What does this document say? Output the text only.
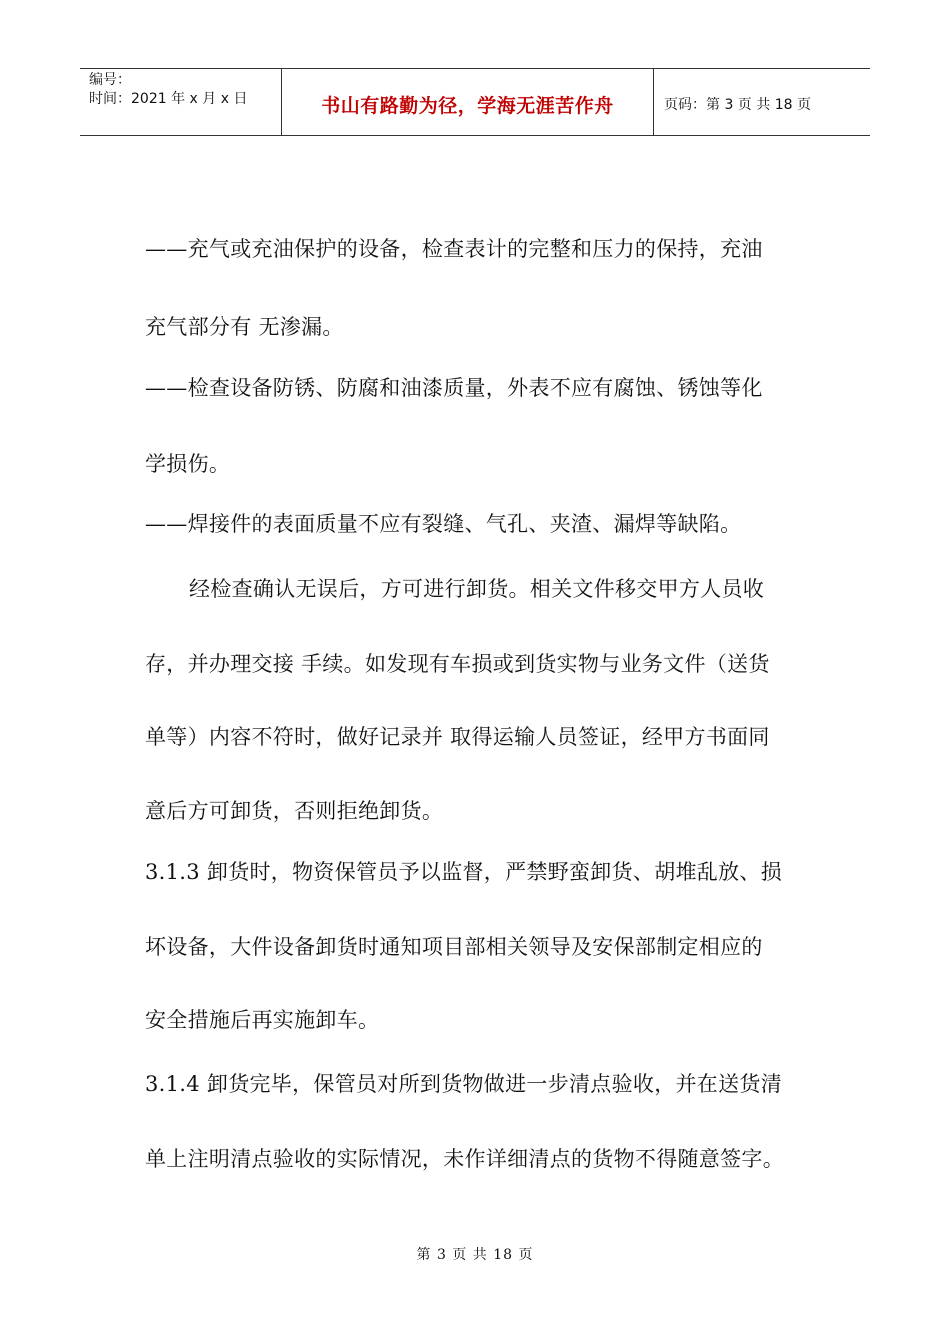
编号：
时间：2021 年 x 月 x 日	书山有路勤为径，学海无涯苦作舟	页码：第 3 页 共 18 页
——充气或充油保护的设备，检查表计的完整和压力的保持，充油
充气部分有 无渗漏。
——检查设备防锈、防腐和油漆质量，外表不应有腐蚀、锈蚀等化
学损伤。
——焊接件的表面质量不应有裂缝、气孔、夹渣、漏焊等缺陷。
经检查确认无误后，方可进行卸货。相关文件移交甲方人员收
存，并办理交接 手续。如发现有车损或到货实物与业务文件（送货
单等）内容不符时，做好记录并 取得运输人员签证，经甲方书面同
意后方可卸货，否则拒绝卸货。
3.1.3 卸货时，物资保管员予以监督，严禁野蛮卸货、胡堆乱放、损
坏设备，大件设备卸货时通知项目部相关领导及安保部制定相应的
安全措施后再实施卸车。
3.1.4 卸货完毕，保管员对所到货物做进一步清点验收，并在送货清
单上注明清点验收的实际情况，未作详细清点的货物不得随意签字。
第 3 页 共 18 页
